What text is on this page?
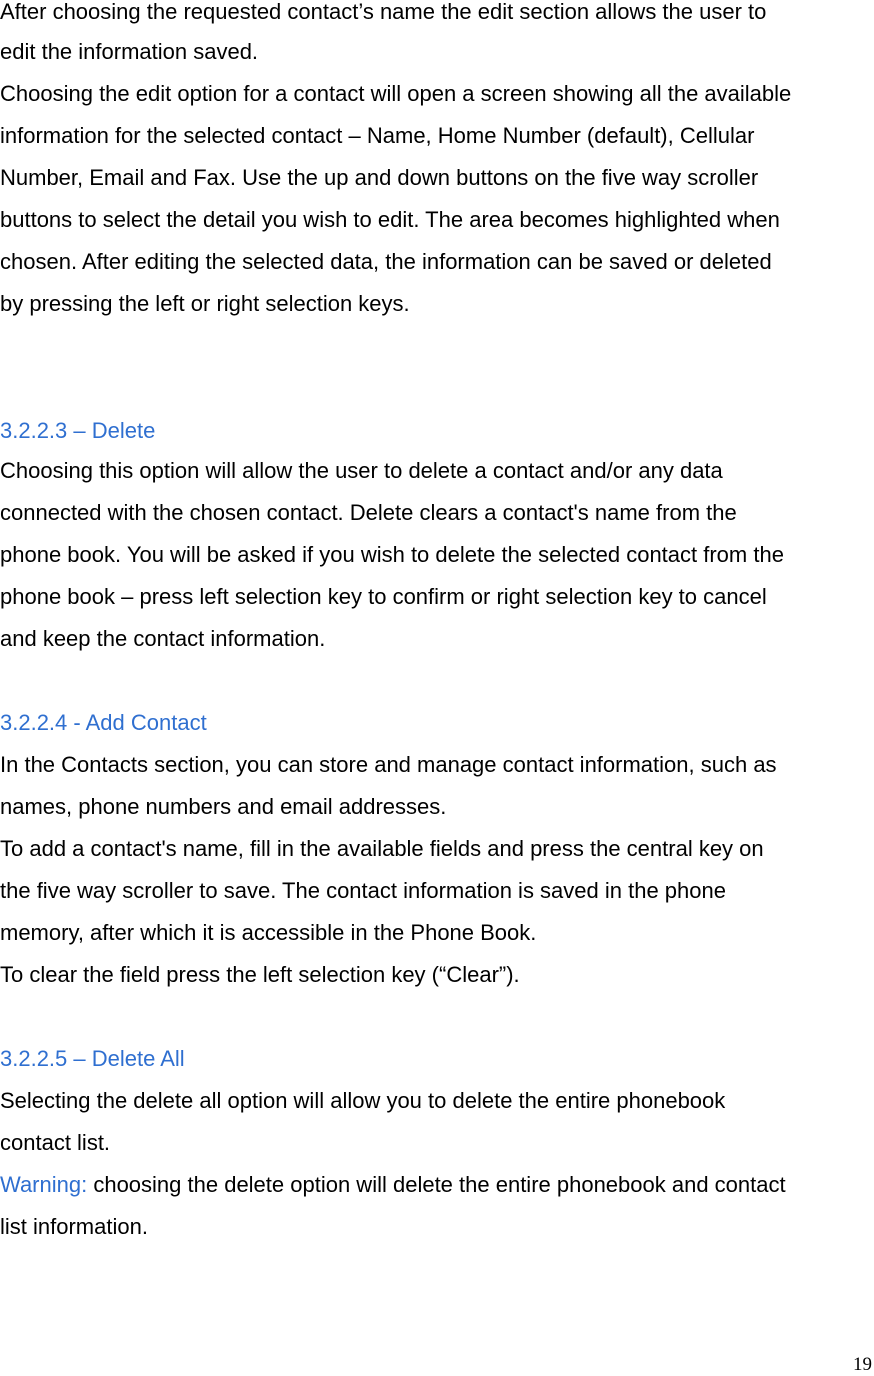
After choosing the requested contact’s name the edit section allows the user to
edit the information saved.
Choosing the edit option for a contact will open a screen showing all the available
information for the selected contact – Name, Home Number (default), Cellular
Number, Email and Fax. Use the up and down buttons on the five way scroller
buttons to select the detail you wish to edit. The area becomes highlighted when
chosen. After editing the selected data, the information can be saved or deleted
by pressing the left or right selection keys.
3.2.2.3 – Delete
Choosing this option will allow the user to delete a contact and/or any data
connected with the chosen contact. Delete clears a contact's name from the
phone book. You will be asked if you wish to delete the selected contact from the
phone book – press left selection key to confirm or right selection key to cancel
and keep the contact information.
3.2.2.4 - Add Contact
In the Contacts section, you can store and manage contact information, such as
names, phone numbers and email addresses.
To add a contact's name, fill in the available fields and press the central key on
the five way scroller to save. The contact information is saved in the phone
memory, after which it is accessible in the Phone Book.
To clear the field press the left selection key (“Clear”).
3.2.2.5 – Delete All
Selecting the delete all option will allow you to delete the entire phonebook
contact list.
Warning: choosing the delete option will delete the entire phonebook and contact
list information.
19
